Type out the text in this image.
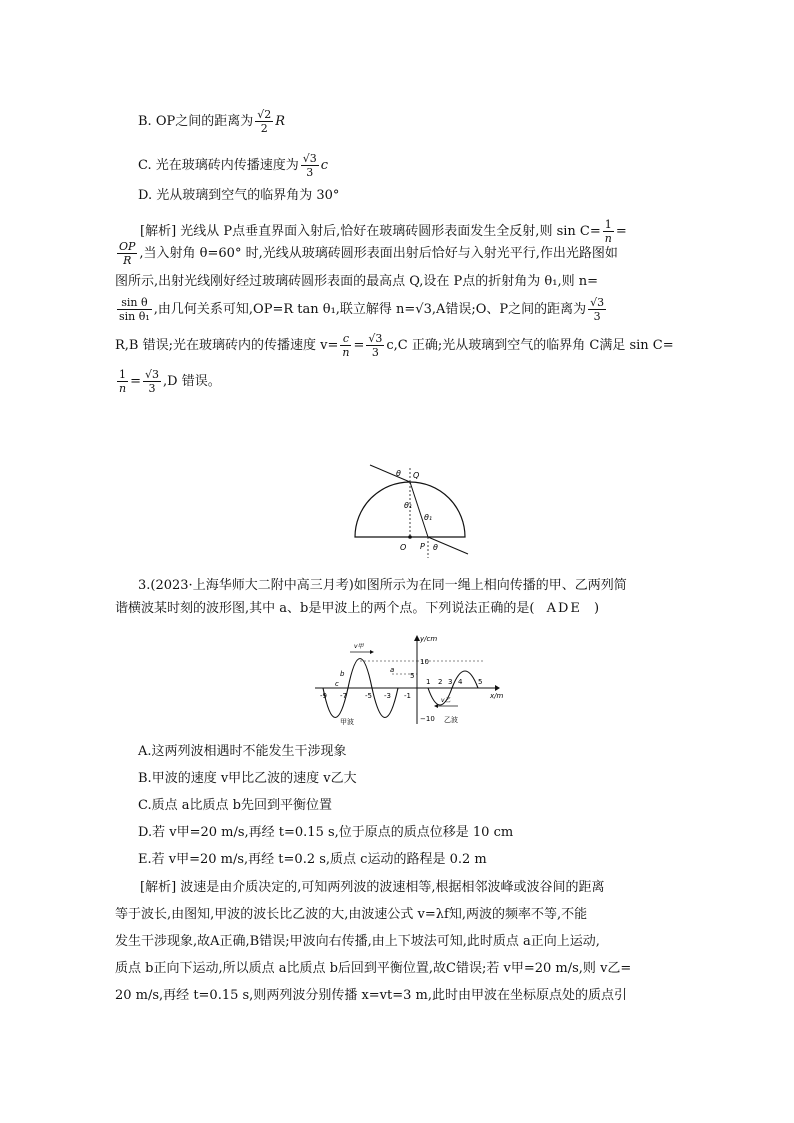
B. OP之间的距离为 $\frac{√2}{2}$ R
C. 光在玻璃砖内传播速度为 $\frac{√3}{3}$ c
D. 光从玻璃到空气的临界角为 30°
[解析] 光线从 P点垂直界面入射后,恰好在玻璃砖圆形表面发生全反射,则 $\sin C= \frac{1}{n}$ =
$\frac{OP}{R}$ ,当入射角 θ=60° 时,光线从玻璃砖圆形表面出射后恰好与入射光平行,作出光路图如
图所示,出射光线刚好经过玻璃砖圆形表面的最高点 Q,设在 P点的折射角为 θ₁,则 n=
$\frac{\text{sin θ}}{\text{sin θ₁}}$ ,由几何关系可知,OP=R tan θ₁,联立解得 n=√3,A错误;O、P之间的距离为 $\frac{√3}{3}$
R,B 错误;光在玻璃砖内的传播速度 $v= \frac{c}{n} = \frac{√3}{3} c,C$ 正确;光从玻璃到空气的临界角 C满足 sin C=
$\frac{1}{n} = \frac{√3}{3} ,D$ 错误。
θ Q
θ₁
θ₁
O P θ
3.(2023·上海华师大二附中高三月考)如图所示为在同一绳上相向传播的甲、乙两列简
谐横波某时刻的波形图,其中 a、b是甲波上的两个点。下列说法正确的是( ADE )
y/cm
x/m
10
5
−10
v甲
v乙
b	a
c
-9 -7	-5 -3 -1
1 2 3 4 5
甲波	乙波
A.这两列波相遇时不能发生干涉现象
B.甲波的速度 v甲比乙波的速度 v乙大
C.质点 a比质点 b先回到平衡位置
D.若 v甲=20 m/s,再经 t=0.15 s,位于原点的质点位移是 10 cm
E.若 v甲=20 m/s,再经 t=0.2 s,质点 c运动的路程是 0.2 m
[解析] 波速是由介质决定的,可知两列波的波速相等,根据相邻波峰或波谷间的距离
等于波长,由图知,甲波的波长比乙波的大,由波速公式 v=λf知,两波的频率不等,不能
发生干涉现象,故A正确,B错误;甲波向右传播,由上下坡法可知,此时质点 a正向上运动,
质点 b正向下运动,所以质点 a比质点 b后回到平衡位置,故C错误;若 v甲=20 m/s,则 v乙=
20 m/s,再经 t=0.15 s,则两列波分别传播 x=vt=3 m,此时由甲波在坐标原点处的质点引
